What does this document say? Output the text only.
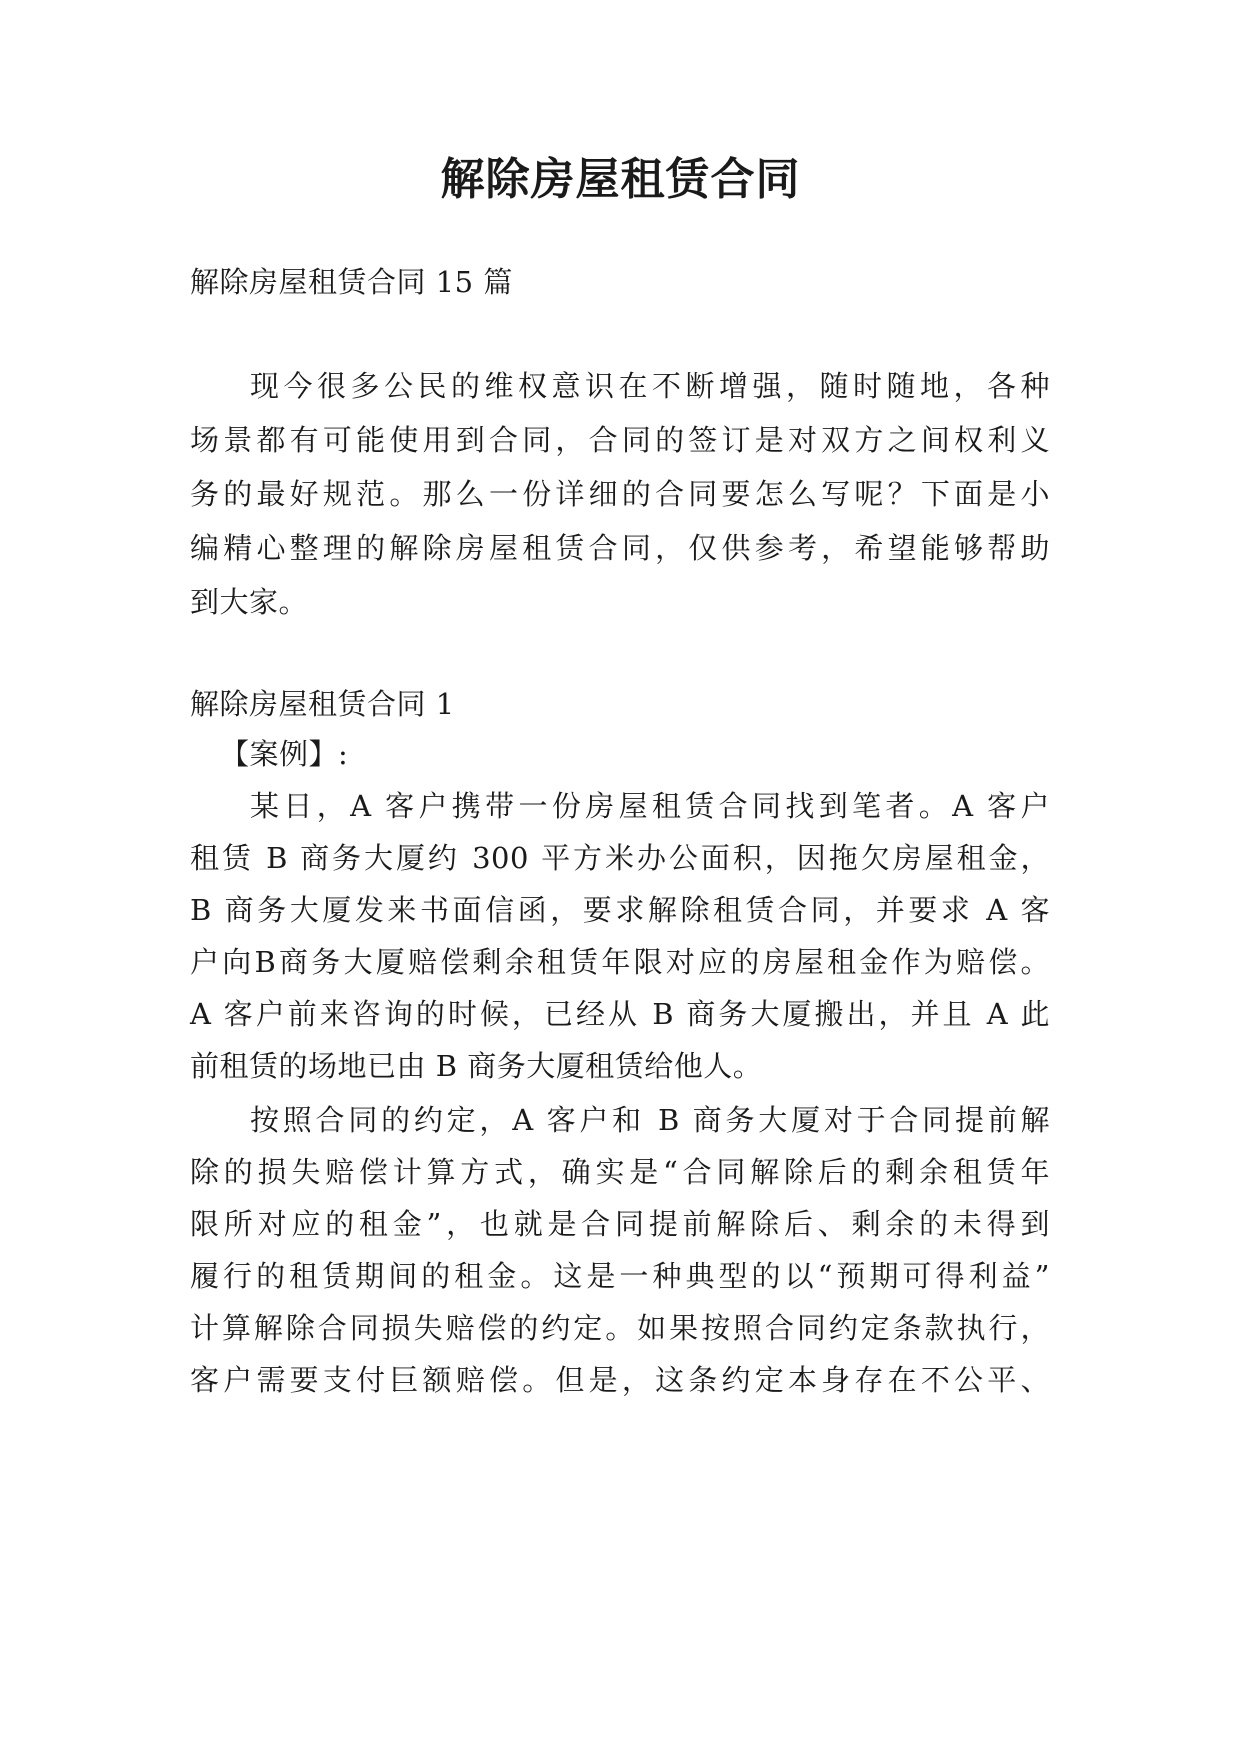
解除房屋租赁合同

解除房屋租赁合同 15 篇

现今很多公民的维权意识在不断增强，随时随地，各种

场景都有可能使用到合同，合同的签订是对双方之间权利义

务的最好规范。那么一份详细的合同要怎么写呢？下面是小

编精心整理的解除房屋租赁合同，仅供参考，希望能够帮助

到大家。

解除房屋租赁合同 1

【案例】:

某日，A 客户携带一份房屋租赁合同找到笔者。A 客户

租赁 B 商务大厦约 300 平方米办公面积，因拖欠房屋租金，

B 商务大厦发来书面信函，要求解除租赁合同，并要求 A 客

户向B商务大厦赔偿剩余租赁年限对应的房屋租金作为赔偿。

A 客户前来咨询的时候，已经从 B 商务大厦搬出，并且 A 此

前租赁的场地已由 B 商务大厦租赁给他人。

按照合同的约定，A 客户和 B 商务大厦对于合同提前解

除的损失赔偿计算方式，确实是“合同解除后的剩余租赁年

限所对应的租金”，也就是合同提前解除后、剩余的未得到

履行的租赁期间的租金。这是一种典型的以“预期可得利益”

计算解除合同损失赔偿的约定。如果按照合同约定条款执行，

客户需要支付巨额赔偿。但是，这条约定本身存在不公平、
